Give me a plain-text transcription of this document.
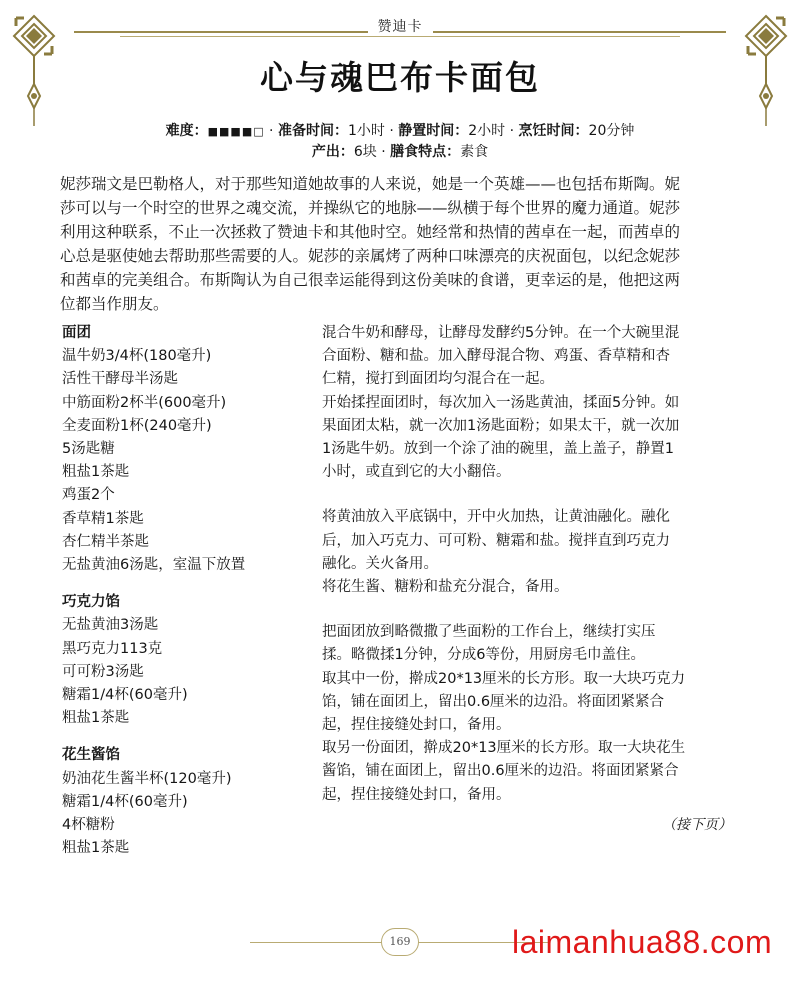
赞迪卡
心与魂巴布卡面包
难度：■■■■□ · 准备时间：1小时 · 静置时间：2小时 · 烹饪时间：20分钟
产出：6块 · 膳食特点：素食
妮莎瑞文是巴勒格人，对于那些知道她故事的人来说，她是一个英雄——也包括布斯陶。妮
莎可以与一个时空的世界之魂交流，并操纵它的地脉——纵横于每个世界的魔力通道。妮莎
利用这种联系，不止一次拯救了赞迪卡和其他时空。她经常和热情的茜卓在一起，而茜卓的
心总是驱使她去帮助那些需要的人。妮莎的亲属烤了两种口味漂亮的庆祝面包，以纪念妮莎
和茜卓的完美组合。布斯陶认为自己很幸运能得到这份美味的食谱，更幸运的是，他把这两
位都当作朋友。
面团
温牛奶3/4杯(180毫升)
活性干酵母半汤匙
中筋面粉2杯半(600毫升)
全麦面粉1杯(240毫升)
5汤匙糖
粗盐1茶匙
鸡蛋2个
香草精1茶匙
杏仁精半茶匙
无盐黄油6汤匙，室温下放置
巧克力馅
无盐黄油3汤匙
黑巧克力113克
可可粉3汤匙
糖霜1/4杯(60毫升)
粗盐1茶匙
花生酱馅
奶油花生酱半杯(120毫升)
糖霜1/4杯(60毫升)
4杯糖粉
粗盐1茶匙
混合牛奶和酵母，让酵母发酵约5分钟。在一个大碗里混
合面粉、糖和盐。加入酵母混合物、鸡蛋、香草精和杏
仁精，搅打到面团均匀混合在一起。
开始揉捏面团时，每次加入一汤匙黄油，揉面5分钟。如
果面团太粘，就一次加1汤匙面粉；如果太干，就一次加
1汤匙牛奶。放到一个涂了油的碗里，盖上盖子，静置1
小时，或直到它的大小翻倍。
将黄油放入平底锅中，开中火加热，让黄油融化。融化
后，加入巧克力、可可粉、糖霜和盐。搅拌直到巧克力
融化。关火备用。
将花生酱、糖粉和盐充分混合，备用。
把面团放到略微撒了些面粉的工作台上，继续打实压
揉。略微揉1分钟，分成6等份，用厨房毛巾盖住。
取其中一份，擀成20*13厘米的长方形。取一大块巧克力
馅，铺在面团上，留出0.6厘米的边沿。将面团紧紧合
起，捏住接缝处封口，备用。
取另一份面团，擀成20*13厘米的长方形。取一大块花生
酱馅，铺在面团上，留出0.6厘米的边沿。将面团紧紧合
起，捏住接缝处封口，备用。
（接下页）
169	laimanhua88.com
